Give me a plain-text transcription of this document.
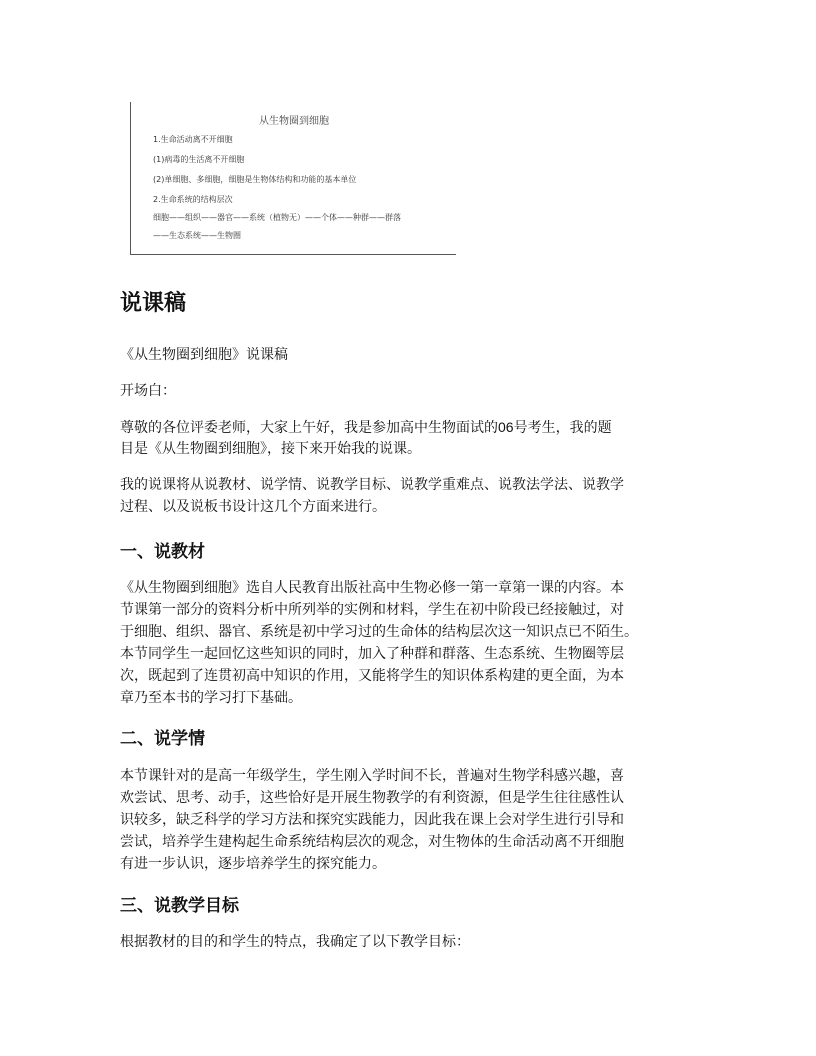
从生物圈到细胞
1.生命活动离不开细胞
(1)病毒的生活离不开细胞
(2)单细胞、多细胞，细胞是生物体结构和功能的基本单位
2.生命系统的结构层次
细胞——组织——器官——系统（植物无）——个体——种群——群落
——生态系统——生物圈
说课稿

《从生物圈到细胞》说课稿

开场白：

尊敬的各位评委老师，大家上午好，我是参加高中生物面试的06号考生，我的题

目是《从生物圈到细胞》，接下来开始我的说课。

我的说课将从说教材、说学情、说教学目标、说教学重难点、说教法学法、说教学

过程、以及说板书设计这几个方面来进行。

一、说教材

《从生物圈到细胞》选自人民教育出版社高中生物必修一第一章第一课的内容。本

节课第一部分的资料分析中所列举的实例和材料，学生在初中阶段已经接触过，对

于细胞、组织、器官、系统是初中学习过的生命体的结构层次这一知识点已不陌生。

本节同学生一起回忆这些知识的同时，加入了种群和群落、生态系统、生物圈等层

次，既起到了连贯初高中知识的作用，又能将学生的知识体系构建的更全面，为本

章乃至本书的学习打下基础。

二、说学情

本节课针对的是高一年级学生，学生刚入学时间不长，普遍对生物学科感兴趣，喜

欢尝试、思考、动手，这些恰好是开展生物教学的有利资源，但是学生往往感性认

识较多，缺乏科学的学习方法和探究实践能力，因此我在课上会对学生进行引导和

尝试，培养学生建构起生命系统结构层次的观念，对生物体的生命活动离不开细胞

有进一步认识，逐步培养学生的探究能力。

三、说教学目标

根据教材的目的和学生的特点，我确定了以下教学目标：
